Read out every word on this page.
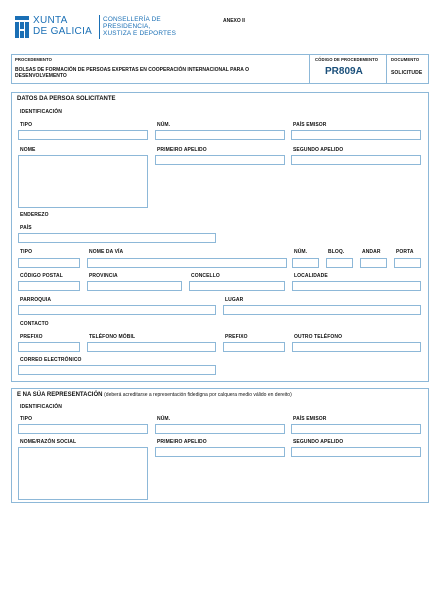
XUNTA
DE GALICIA
CONSELLERÍA DE
PRESIDENCIA,
XUSTIZA E DEPORTES
ANEXO II
PROCEDEMENTO
BOLSAS DE FORMACIÓN DE PERSOAS EXPERTAS EN COOPERACIÓN INTERNACIONAL PARA O DESENVOLVEMENTO
CÓDIGO DE PROCEDEMENTO
PR809A
DOCUMENTO
SOLICITUDE
DATOS DA PERSOA SOLICITANTE
IDENTIFICACIÓN
TIPO	NÚM.	PAÍS EMISOR
NOME	PRIMEIRO APELIDO	SEGUNDO APELIDO
ENDEREZO
PAÍS
TIPO	NOME DA VÍA	NÚM.	BLOQ.	ANDAR	PORTA
CÓDIGO POSTAL	PROVINCIA	CONCELLO	LOCALIDADE
PARROQUIA	LUGAR
CONTACTO
PREFIXO	TELÉFONO MÓBIL	PREFIXO	OUTRO TELÉFONO
CORREO ELECTRÓNICO
E NA SÚA REPRESENTACIÓN (deberá acreditarse a representación fidedigna por calquera medio válido en dereito)
IDENTIFICACIÓN
TIPO	NÚM.	PAÍS EMISOR
NOME/RAZÓN SOCIAL	PRIMEIRO APELIDO	SEGUNDO APELIDO
